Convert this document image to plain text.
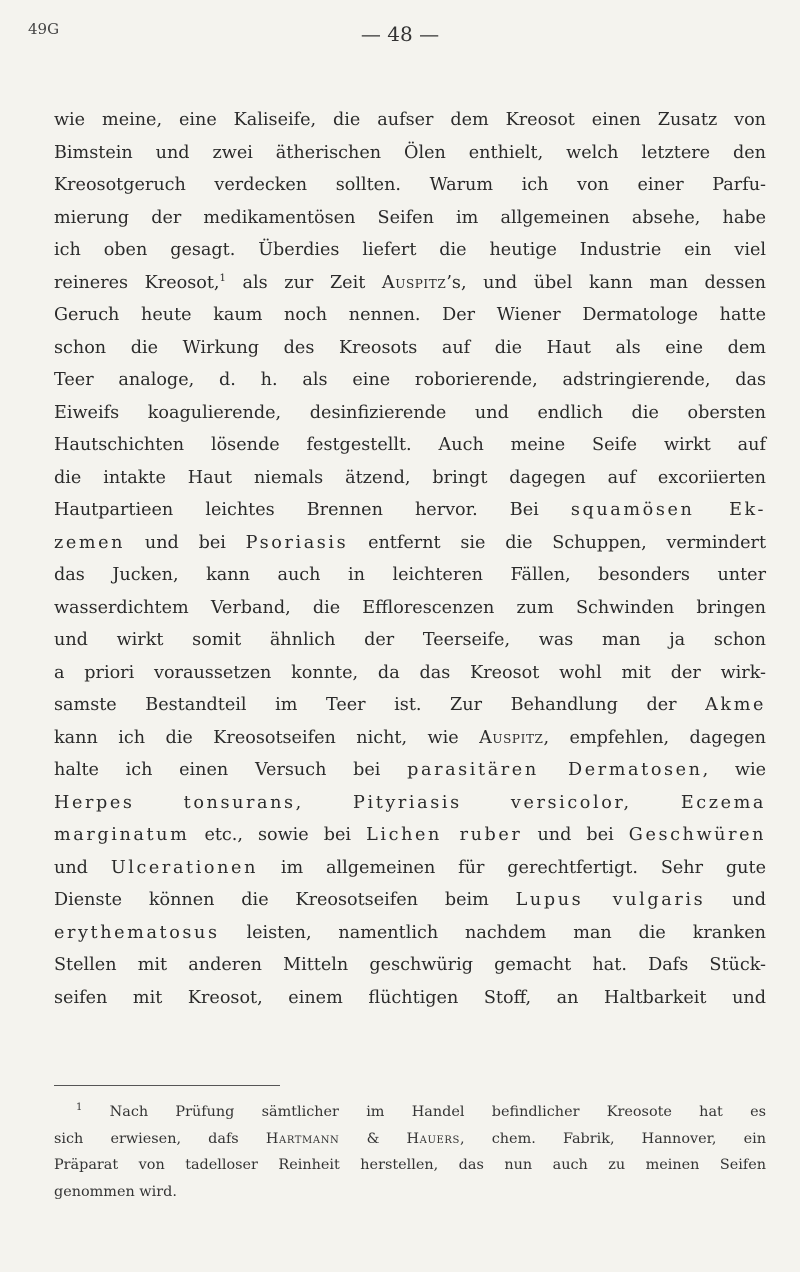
49G	— 48 —
wie meine, eine Kaliseife, die aufser dem Kreosot einen Zusatz von
Bimstein und zwei ätherischen Ölen enthielt, welch letztere den
Kreosotgeruch verdecken sollten. Warum ich von einer Parfu-
mierung der medikamentösen Seifen im allgemeinen absehe, habe
ich oben gesagt. Überdies liefert die heutige Industrie ein viel
reineres Kreosot,$^1$ als zur Zeit Auspitz’s, und übel kann man dessen
Geruch heute kaum noch nennen. Der Wiener Dermatologe hatte
schon die Wirkung des Kreosots auf die Haut als eine dem
Teer analoge, d. h. als eine roborierende, adstringierende, das
Eiweifs koagulierende, desinfizierende und endlich die obersten
Hautschichten lösende festgestellt. Auch meine Seife wirkt auf
die intakte Haut niemals ätzend, bringt dagegen auf excoriierten
Hautpartieen leichtes Brennen hervor. Bei squamösen Ek-
zemen und bei Psoriasis entfernt sie die Schuppen, vermindert
das Jucken, kann auch in leichteren Fällen, besonders unter
wasserdichtem Verband, die Efflorescenzen zum Schwinden bringen
und wirkt somit ähnlich der Teerseife, was man ja schon
a priori voraussetzen konnte, da das Kreosot wohl mit der wirk-
samste Bestandteil im Teer ist. Zur Behandlung der Akme
kann ich die Kreosotseifen nicht, wie Auspitz, empfehlen, dagegen
halte ich einen Versuch bei parasitären Dermatosen, wie
Herpes tonsurans, Pityriasis versicolor, Eczema
marginatum etc., sowie bei Lichen ruber und bei Geschwüren
und Ulcerationen im allgemeinen für gerechtfertigt. Sehr gute
Dienste können die Kreosotseifen beim Lupus vulgaris und
erythematosus leisten, namentlich nachdem man die kranken
Stellen mit anderen Mitteln geschwürig gemacht hat. Dafs Stück-
seifen mit Kreosot, einem flüchtigen Stoff, an Haltbarkeit und
$^1$ Nach Prüfung sämtlicher im Handel befindlicher Kreosote hat es
sich erwiesen, dafs Hartmann & Hauers, chem. Fabrik, Hannover, ein
Präparat von tadelloser Reinheit herstellen, das nun auch zu meinen Seifen
genommen wird.
